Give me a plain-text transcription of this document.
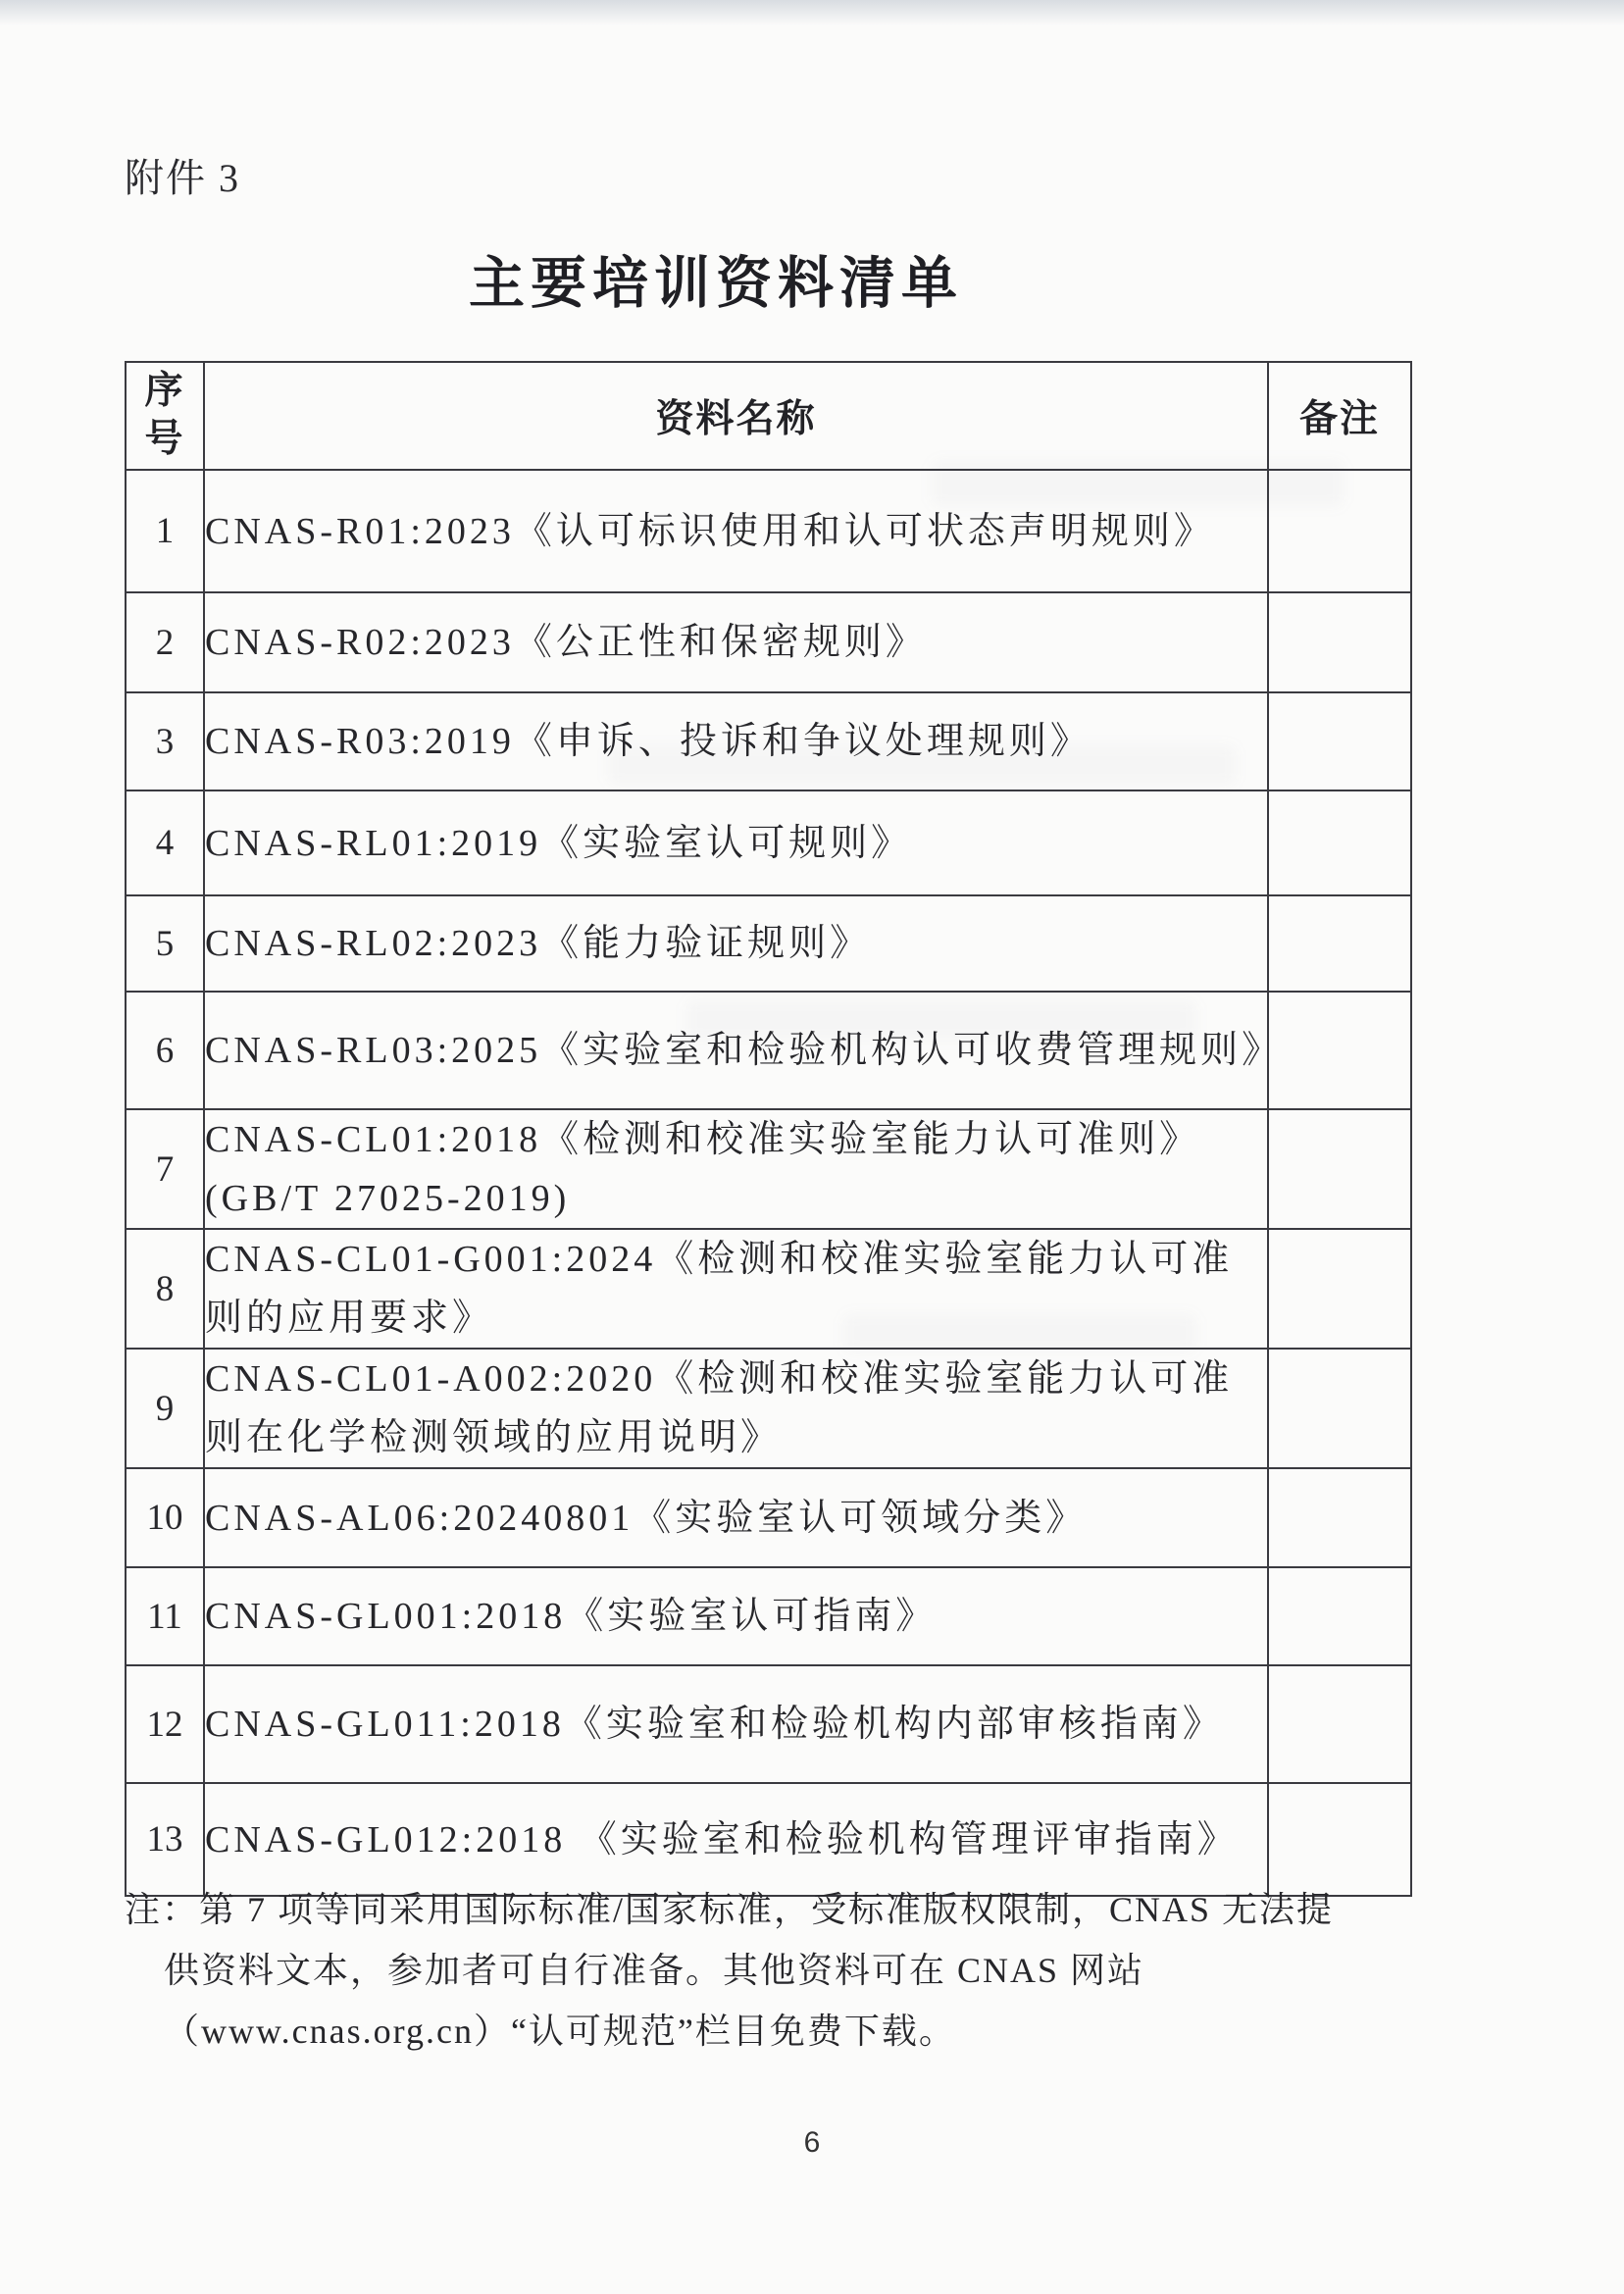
附件 3
主要培训资料清单
序号	资料名称	备注
1	CNAS-R01:2023《认可标识使用和认可状态声明规则》	
2	CNAS-R02:2023《公正性和保密规则》	
3	CNAS-R03:2019《申诉、投诉和争议处理规则》	
4	CNAS-RL01:2019《实验室认可规则》	
5	CNAS-RL02:2023《能力验证规则》	
6	CNAS-RL03:2025《实验室和检验机构认可收费管理规则》	
7	CNAS-CL01:2018《检测和校准实验室能力认可准则》(GB/T 27025-2019)	
8	CNAS-CL01-G001:2024《检测和校准实验室能力认可准则的应用要求》	
9	CNAS-CL01-A002:2020《检测和校准实验室能力认可准则在化学检测领域的应用说明》	
10	CNAS-AL06:20240801《实验室认可领域分类》	
11	CNAS-GL001:2018《实验室认可指南》	
12	CNAS-GL011:2018《实验室和检验机构内部审核指南》	
13	CNAS-GL012:2018 《实验室和检验机构管理评审指南》	
注：第 7 项等同采用国际标准/国家标准，受标准版权限制，CNAS 无法提
供资料文本，参加者可自行准备。其他资料可在 CNAS 网站
（www.cnas.org.cn）“认可规范”栏目免费下载。
6
